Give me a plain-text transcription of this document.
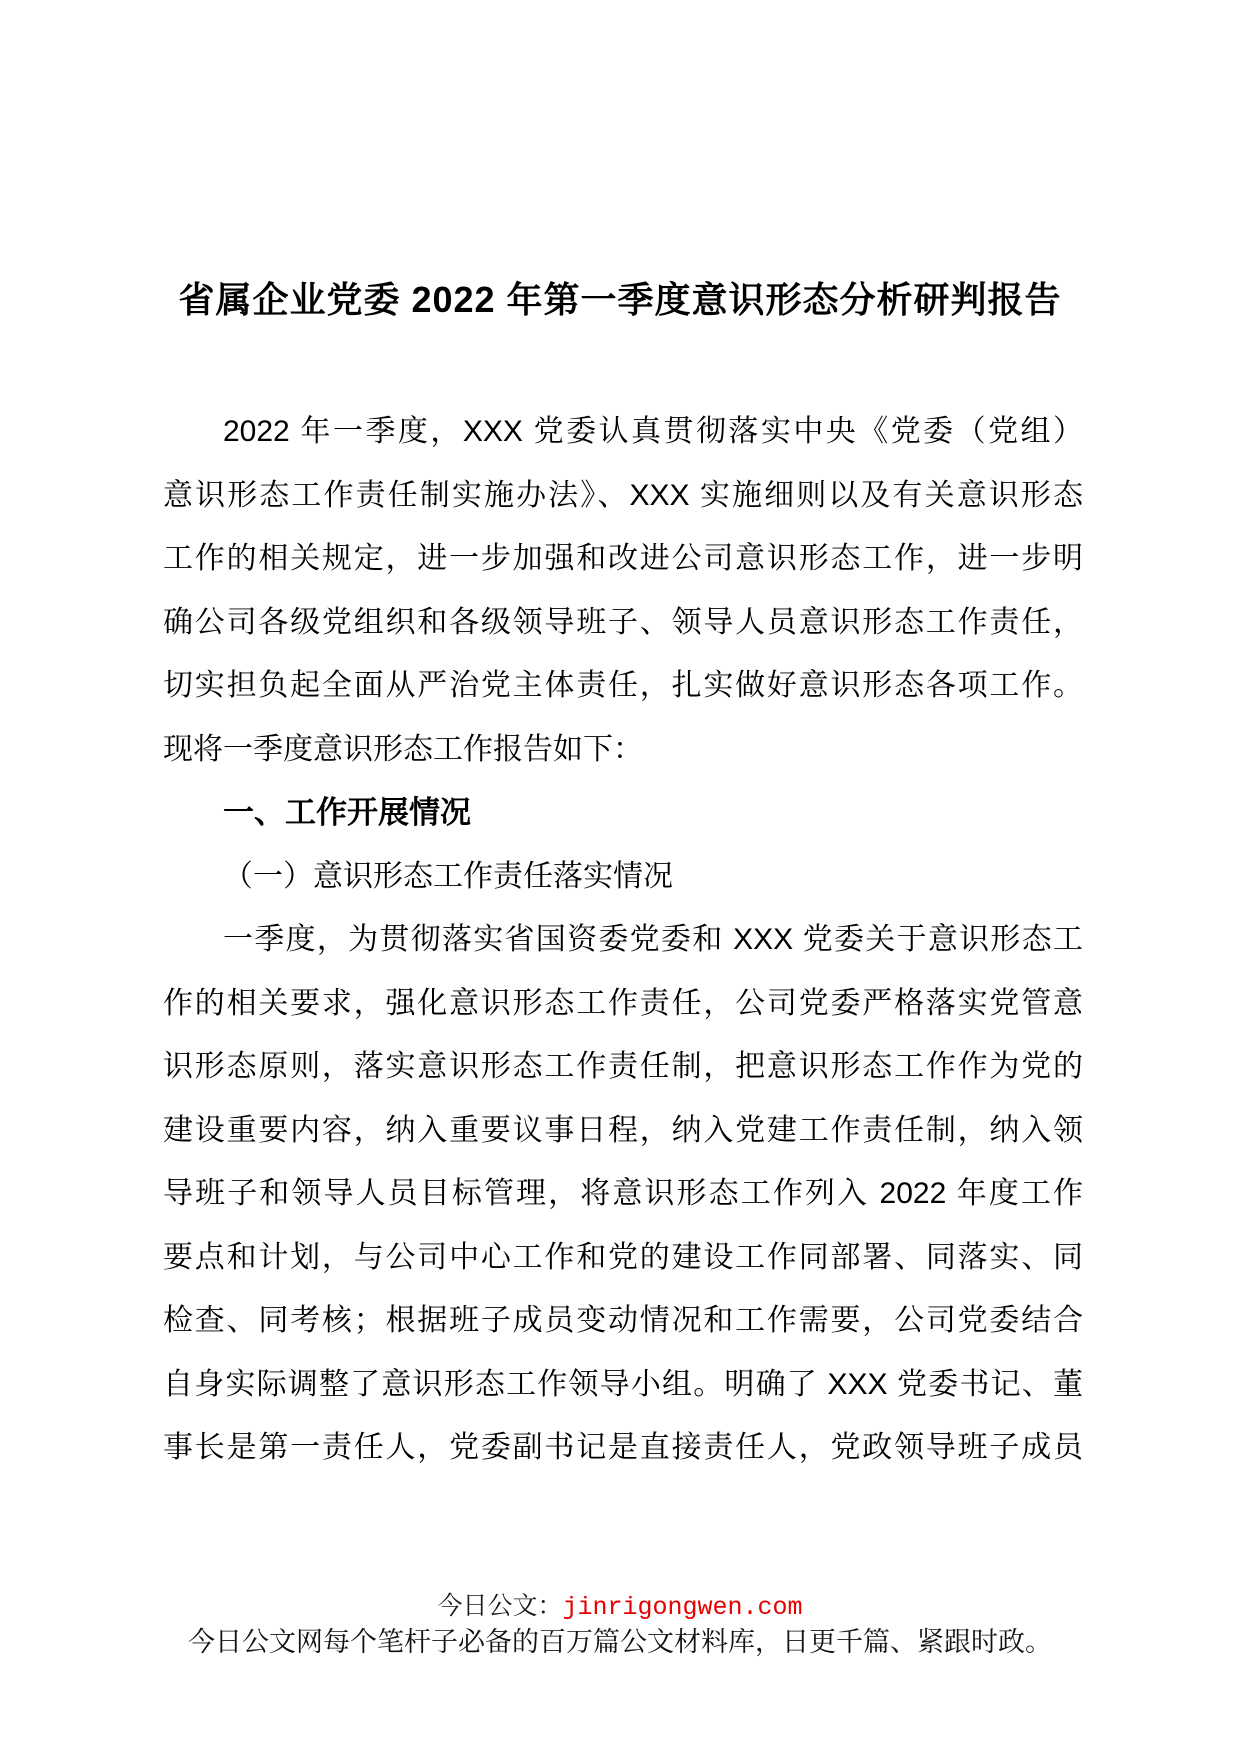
省属企业党委 2022 年第一季度意识形态分析研判报告
2022 年一季度，XXX 党委认真贯彻落实中央《党委（党组）
意识形态工作责任制实施办法》、XXX 实施细则以及有关意识形态
工作的相关规定，进一步加强和改进公司意识形态工作，进一步明
确公司各级党组织和各级领导班子、领导人员意识形态工作责任，
切实担负起全面从严治党主体责任，扎实做好意识形态各项工作。
现将一季度意识形态工作报告如下：
一、工作开展情况
（一）意识形态工作责任落实情况
一季度，为贯彻落实省国资委党委和 XXX 党委关于意识形态工
作的相关要求，强化意识形态工作责任，公司党委严格落实党管意
识形态原则，落实意识形态工作责任制，把意识形态工作作为党的
建设重要内容，纳入重要议事日程，纳入党建工作责任制，纳入领
导班子和领导人员目标管理，将意识形态工作列入 2022 年度工作
要点和计划，与公司中心工作和党的建设工作同部署、同落实、同
检查、同考核；根据班子成员变动情况和工作需要，公司党委结合
自身实际调整了意识形态工作领导小组。明确了 XXX 党委书记、董
事长是第一责任人，党委副书记是直接责任人，党政领导班子成员
今日公文：jinrigongwen.com
今日公文网每个笔杆子必备的百万篇公文材料库，日更千篇、紧跟时政。
